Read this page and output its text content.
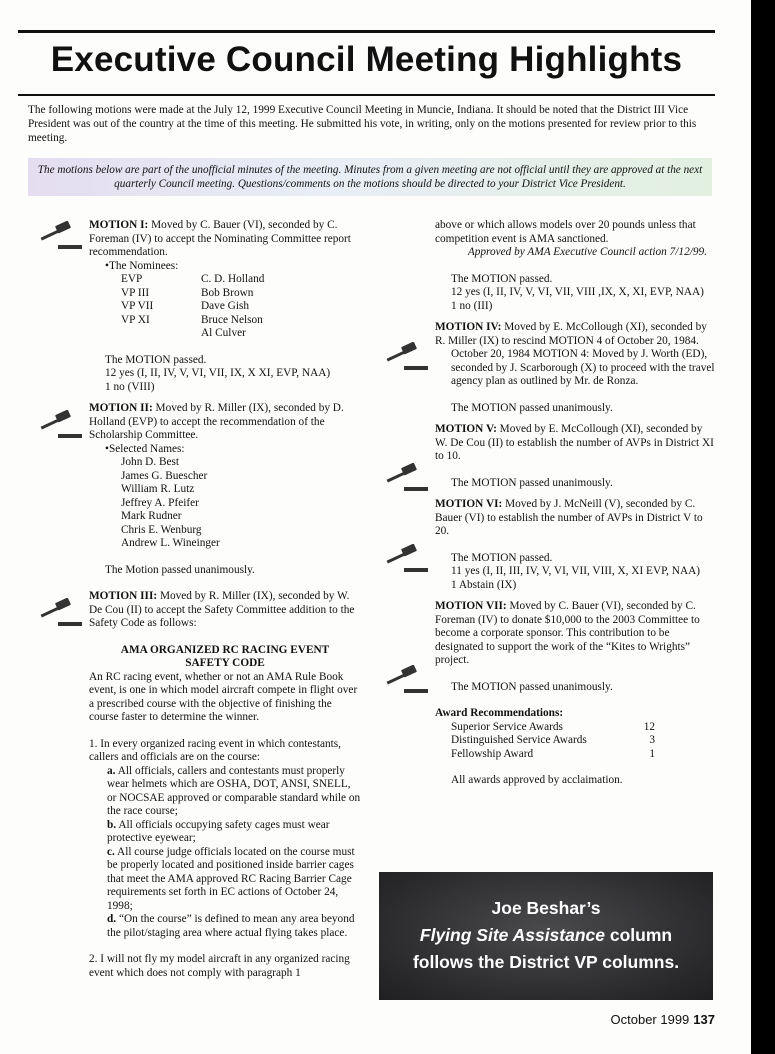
Executive Council Meeting Highlights

The following motions were made at the July 12, 1999 Executive Council Meeting in Muncie, Indiana. It should be noted that the District III Vice President was out of the country at the time of this meeting. He submitted his vote, in writing, only on the motions presented for review prior to this meeting.

The motions below are part of the unofficial minutes of the meeting. Minutes from a given meeting are not official until they are approved at the next quarterly Council meeting. Questions/comments on the motions should be directed to your District Vice President.

MOTION I: Moved by C. Bauer (VI), seconded by C. Foreman (IV) to accept the Nominating Committee report recommendation.

•The Nominees:

EVP	C. D. Holland
VP III	Bob Brown
VP VII	Dave Gish
VP XI	Bruce Nelson
Al Culver

The MOTION passed.

12 yes (I, II, IV, V, VI, VII, IX, X XI, EVP, NAA)

1 no (VIII)

MOTION II: Moved by R. Miller (IX), seconded by D. Holland (EVP) to accept the recommendation of the Scholarship Committee.

•Selected Names:

John D. Best

James G. Buescher

William R. Lutz

Jeffrey A. Pfeifer

Mark Rudner

Chris E. Wenburg

Andrew L. Wineinger

The Motion passed unanimously.

MOTION III: Moved by R. Miller (IX), seconded by W. De Cou (II) to accept the Safety Committee addition to the Safety Code as follows:

AMA ORGANIZED RC RACING EVENT

SAFETY CODE

An RC racing event, whether or not an AMA Rule Book event, is one in which model aircraft compete in flight over a prescribed course with the objective of finishing the course faster to determine the winner.

1. In every organized racing event in which contestants, callers and officials are on the course:

a. All officials, callers and contestants must properly wear helmets which are OSHA, DOT, ANSI, SNELL, or NOCSAE approved or comparable standard while on the race course;

b. All officials occupying safety cages must wear protective eyewear;

c. All course judge officials located on the course must be properly located and positioned inside barrier cages that meet the AMA approved RC Racing Barrier Cage requirements set forth in EC actions of October 24, 1998;

d. “On the course” is defined to mean any area beyond the pilot/staging area where actual flying takes place.

2. I will not fly my model aircraft in any organized racing event which does not comply with paragraph 1

above or which allows models over 20 pounds unless that competition event is AMA sanctioned.

Approved by AMA Executive Council action 7/12/99.

The MOTION passed.

12 yes (I, II, IV, V, VI, VII, VIII ,IX, X, XI, EVP, NAA)

1 no (III)

MOTION IV: Moved by E. McCollough (XI), seconded by R. Miller (IX) to rescind MOTION 4 of October 20, 1984.

October 20, 1984 MOTION 4: Moved by J. Worth (ED), seconded by J. Scarborough (X) to proceed with the travel agency plan as outlined by Mr. de Ronza.

The MOTION passed unanimously.

MOTION V: Moved by E. McCollough (XI), seconded by W. De Cou (II) to establish the number of AVPs in District XI to 10.

The MOTION passed unanimously.

MOTION VI: Moved by J. McNeill (V), seconded by C. Bauer (VI) to establish the number of AVPs in District V to 20.

The MOTION passed.

11 yes (I, II, III, IV, V, VI, VII, VIII, X, XI EVP, NAA)

1 Abstain (IX)

MOTION VII: Moved by C. Bauer (VI), seconded by C. Foreman (IV) to donate $10,000 to the 2003 Committee to become a corporate sponsor. This contribution to be designated to support the work of the “Kites to Wrights” project.

The MOTION passed unanimously.

Award Recommendations:

Superior Service Awards	12
Distinguished Service Awards	3
Fellowship Award	1

All awards approved by acclaimation.

Joe Beshar’s
Flying Site Assistance column
follows the District VP columns.
October 1999 137
